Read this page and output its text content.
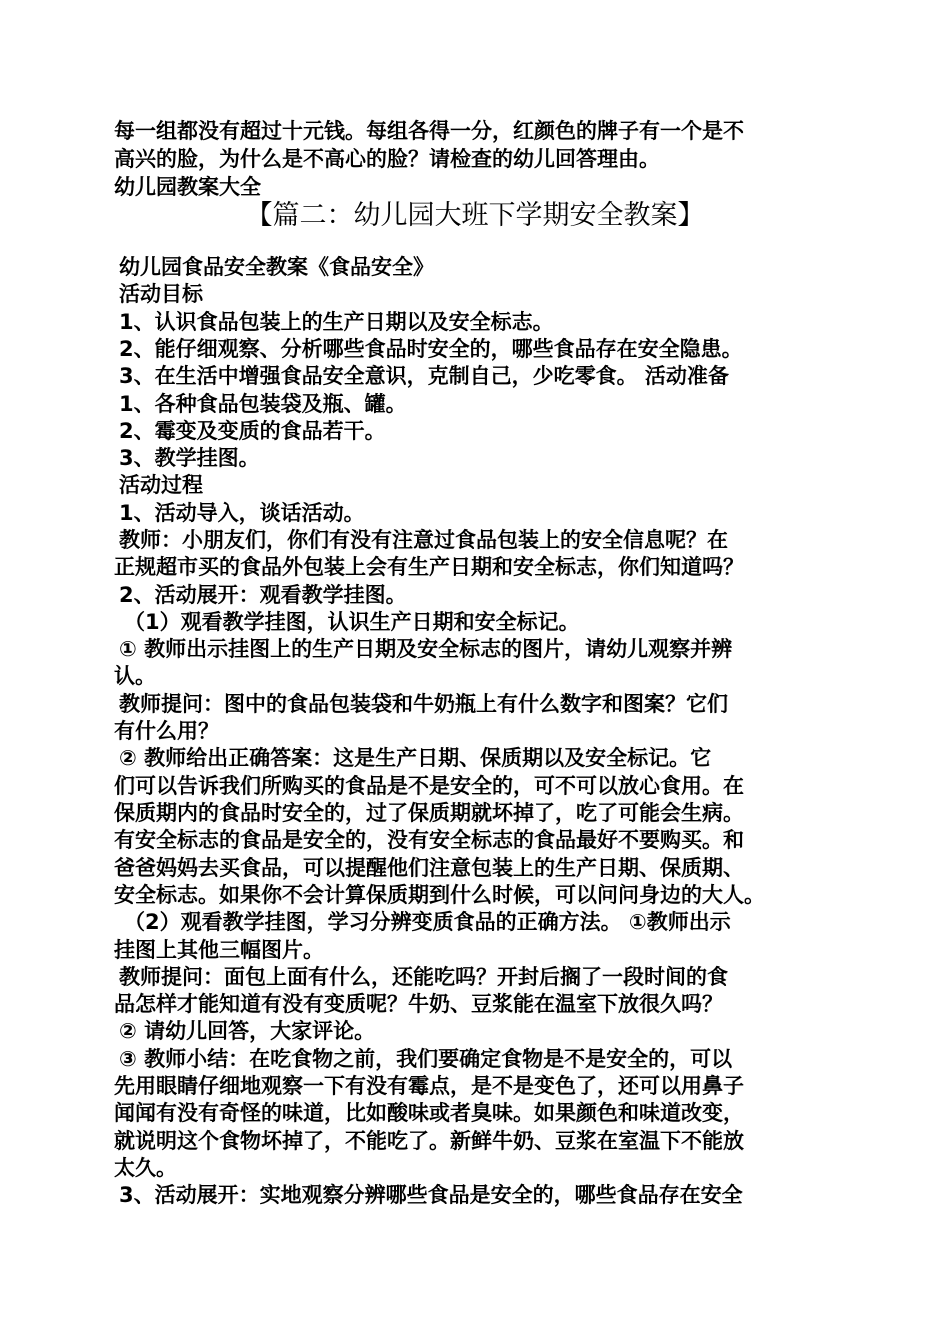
每一组都没有超过十元钱。每组各得一分，红颜色的牌子有一个是不
高兴的脸，为什么是不高心的脸？请检查的幼儿回答理由。
幼儿园教案大全
【篇二：幼儿园大班下学期安全教案】
幼儿园食品安全教案《食品安全》
活动目标
1、认识食品包装上的生产日期以及安全标志。
2、能仔细观察、分析哪些食品时安全的，哪些食品存在安全隐患。
3、在生活中增强食品安全意识，克制自己，少吃零食。 活动准备
1、各种食品包装袋及瓶、罐。
2、霉变及变质的食品若干。
3、教学挂图。
活动过程
1、活动导入，谈话活动。
教师：小朋友们，你们有没有注意过食品包装上的安全信息呢？在
正规超市买的食品外包装上会有生产日期和安全标志，你们知道吗？
2、活动展开：观看教学挂图。
（1）观看教学挂图，认识生产日期和安全标记。
① 教师出示挂图上的生产日期及安全标志的图片，请幼儿观察并辨
认。
教师提问：图中的食品包装袋和牛奶瓶上有什么数字和图案？它们
有什么用？
② 教师给出正确答案：这是生产日期、保质期以及安全标记。它
们可以告诉我们所购买的食品是不是安全的，可不可以放心食用。在
保质期内的食品时安全的，过了保质期就坏掉了，吃了可能会生病。
有安全标志的食品是安全的，没有安全标志的食品最好不要购买。和
爸爸妈妈去买食品，可以提醒他们注意包装上的生产日期、保质期、
安全标志。如果你不会计算保质期到什么时候，可以问问身边的大人。
（2）观看教学挂图，学习分辨变质食品的正确方法。 ①教师出示
挂图上其他三幅图片。
教师提问：面包上面有什么，还能吃吗？开封后搁了一段时间的食
品怎样才能知道有没有变质呢？牛奶、豆浆能在温室下放很久吗？
② 请幼儿回答，大家评论。
③ 教师小结：在吃食物之前，我们要确定食物是不是安全的，可以
先用眼睛仔细地观察一下有没有霉点，是不是变色了，还可以用鼻子
闻闻有没有奇怪的味道，比如酸味或者臭味。如果颜色和味道改变，
就说明这个食物坏掉了，不能吃了。新鲜牛奶、豆浆在室温下不能放
太久。
3、活动展开：实地观察分辨哪些食品是安全的，哪些食品存在安全
